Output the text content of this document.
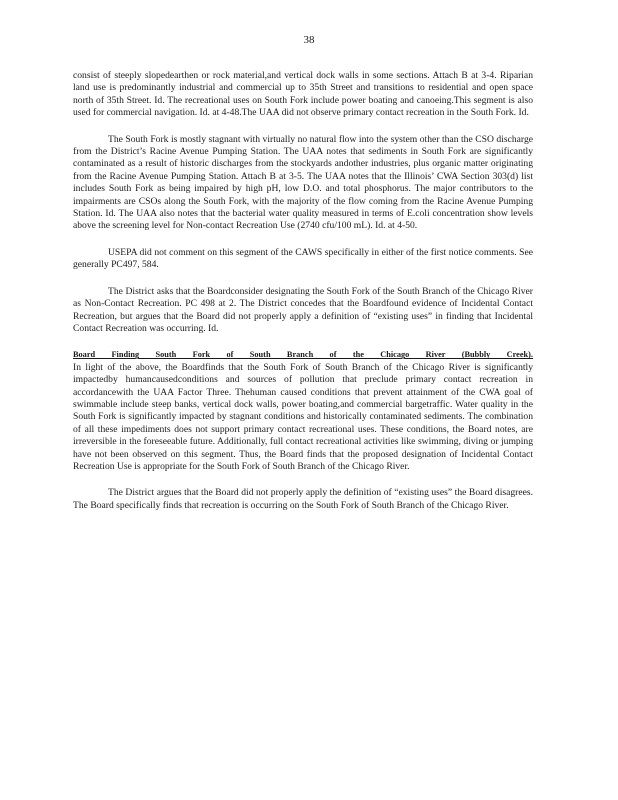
38

consist of steeply slopedearthen or rock material,and vertical dock walls in some sections. Attach B at 3-4. Riparian land use is predominantly industrial and commercial up to 35th Street and transitions to residential and open space north of 35th Street. Id. The recreational uses on South Fork include power boating and canoeing.This segment is also used for commercial navigation. Id. at 4-48.The UAA did not observe primary contact recreation in the South Fork. Id.

The South Fork is mostly stagnant with virtually no natural flow into the system other than the CSO discharge from the District’s Racine Avenue Pumping Station. The UAA notes that sediments in South Fork are significantly contaminated as a result of historic discharges from the stockyards andother industries, plus organic matter originating from the Racine Avenue Pumping Station. Attach B at 3-5. The UAA notes that the Illinois’ CWA Section 303(d) list includes South Fork as being impaired by high pH, low D.O. and total phosphorus. The major contributors to the impairments are CSOs along the South Fork, with the majority of the flow coming from the Racine Avenue Pumping Station. Id. The UAA also notes that the bacterial water quality measured in terms of E.coli concentration show levels above the screening level for Non-contact Recreation Use (2740 cfu/100 mL). Id. at 4-50.

USEPA did not comment on this segment of the CAWS specifically in either of the first notice comments. See generally PC497, 584.

The District asks that the Boardconsider designating the South Fork of the South Branch of the Chicago River as Non-Contact Recreation. PC 498 at 2. The District concedes that the Boardfound evidence of Incidental Contact Recreation, but argues that the Board did not properly apply a definition of “existing uses” in finding that Incidental Contact Recreation was occurring. Id.

Board Finding South Fork of South Branch of the Chicago River (Bubbly Creek).

In light of the above, the Boardfinds that the South Fork of South Branch of the Chicago River is significantly impactedby humancausedconditions and sources of pollution that preclude primary contact recreation in accordancewith the UAA Factor Three. Thehuman caused conditions that prevent attainment of the CWA goal of swimmable include steep banks, vertical dock walls, power boating,and commercial bargetraffic. Water quality in the South Fork is significantly impacted by stagnant conditions and historically contaminated sediments. The combination of all these impediments does not support primary contact recreational uses. These conditions, the Board notes, are irreversible in the foreseeable future. Additionally, full contact recreational activities like swimming, diving or jumping have not been observed on this segment. Thus, the Board finds that the proposed designation of Incidental Contact Recreation Use is appropriate for the South Fork of South Branch of the Chicago River.

The District argues that the Board did not properly apply the definition of “existing uses” the Board disagrees. The Board specifically finds that recreation is occurring on the South Fork of South Branch of the Chicago River.
